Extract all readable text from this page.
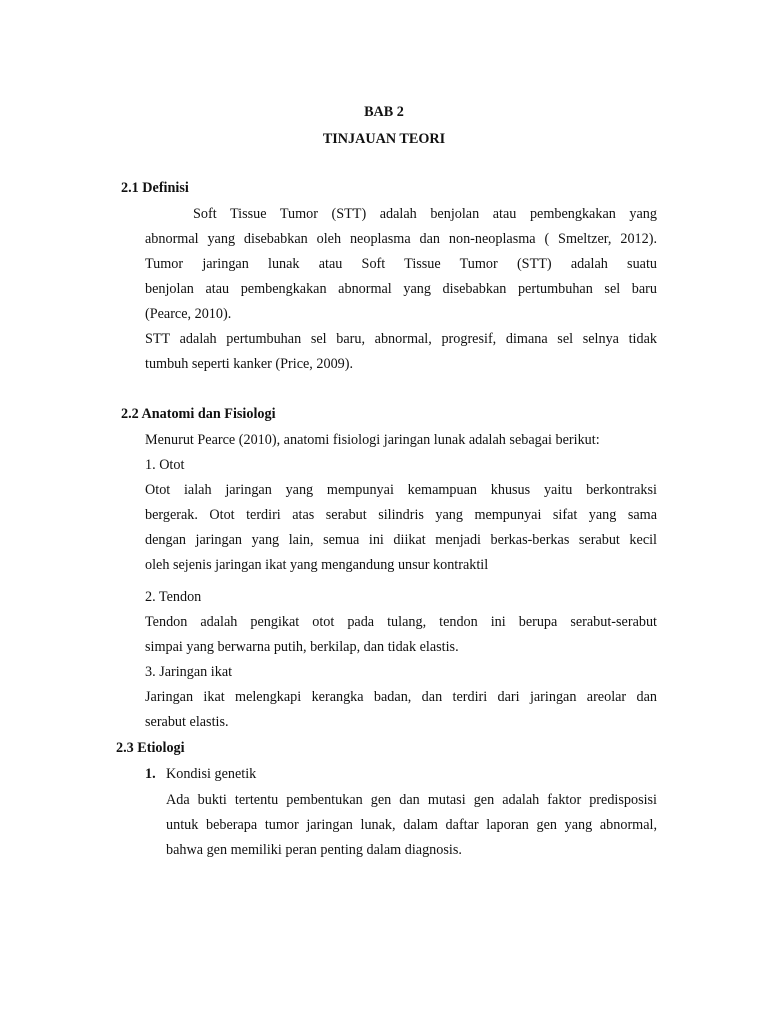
BAB 2
TINJAUAN TEORI
2.1 Definisi
Soft Tissue Tumor (STT) adalah benjolan atau pembengkakan yang
abnormal yang disebabkan oleh neoplasma dan non-neoplasma ( Smeltzer, 2012).
Tumor jaringan lunak atau Soft Tissue Tumor (STT) adalah suatu
benjolan atau pembengkakan abnormal yang disebabkan pertumbuhan sel baru
(Pearce, 2010).
STT adalah pertumbuhan sel baru, abnormal, progresif, dimana sel selnya tidak
tumbuh seperti kanker (Price, 2009).
2.2 Anatomi dan Fisiologi
Menurut Pearce (2010), anatomi fisiologi jaringan lunak adalah sebagai berikut:
1. Otot
Otot ialah jaringan yang mempunyai kemampuan khusus yaitu berkontraksi
bergerak. Otot terdiri atas serabut silindris yang mempunyai sifat yang sama
dengan jaringan yang lain, semua ini diikat menjadi berkas-berkas serabut kecil
oleh sejenis jaringan ikat yang mengandung unsur kontraktil
2. Tendon
Tendon adalah pengikat otot pada tulang, tendon ini berupa serabut-serabut
simpai yang berwarna putih, berkilap, dan tidak elastis.
3. Jaringan ikat
Jaringan ikat melengkapi kerangka badan, dan terdiri dari jaringan areolar dan
serabut elastis.
2.3 Etiologi
1. Kondisi genetik
Ada bukti tertentu pembentukan gen dan mutasi gen adalah faktor predisposisi
untuk beberapa tumor jaringan lunak, dalam daftar laporan gen yang abnormal,
bahwa gen memiliki peran penting dalam diagnosis.
